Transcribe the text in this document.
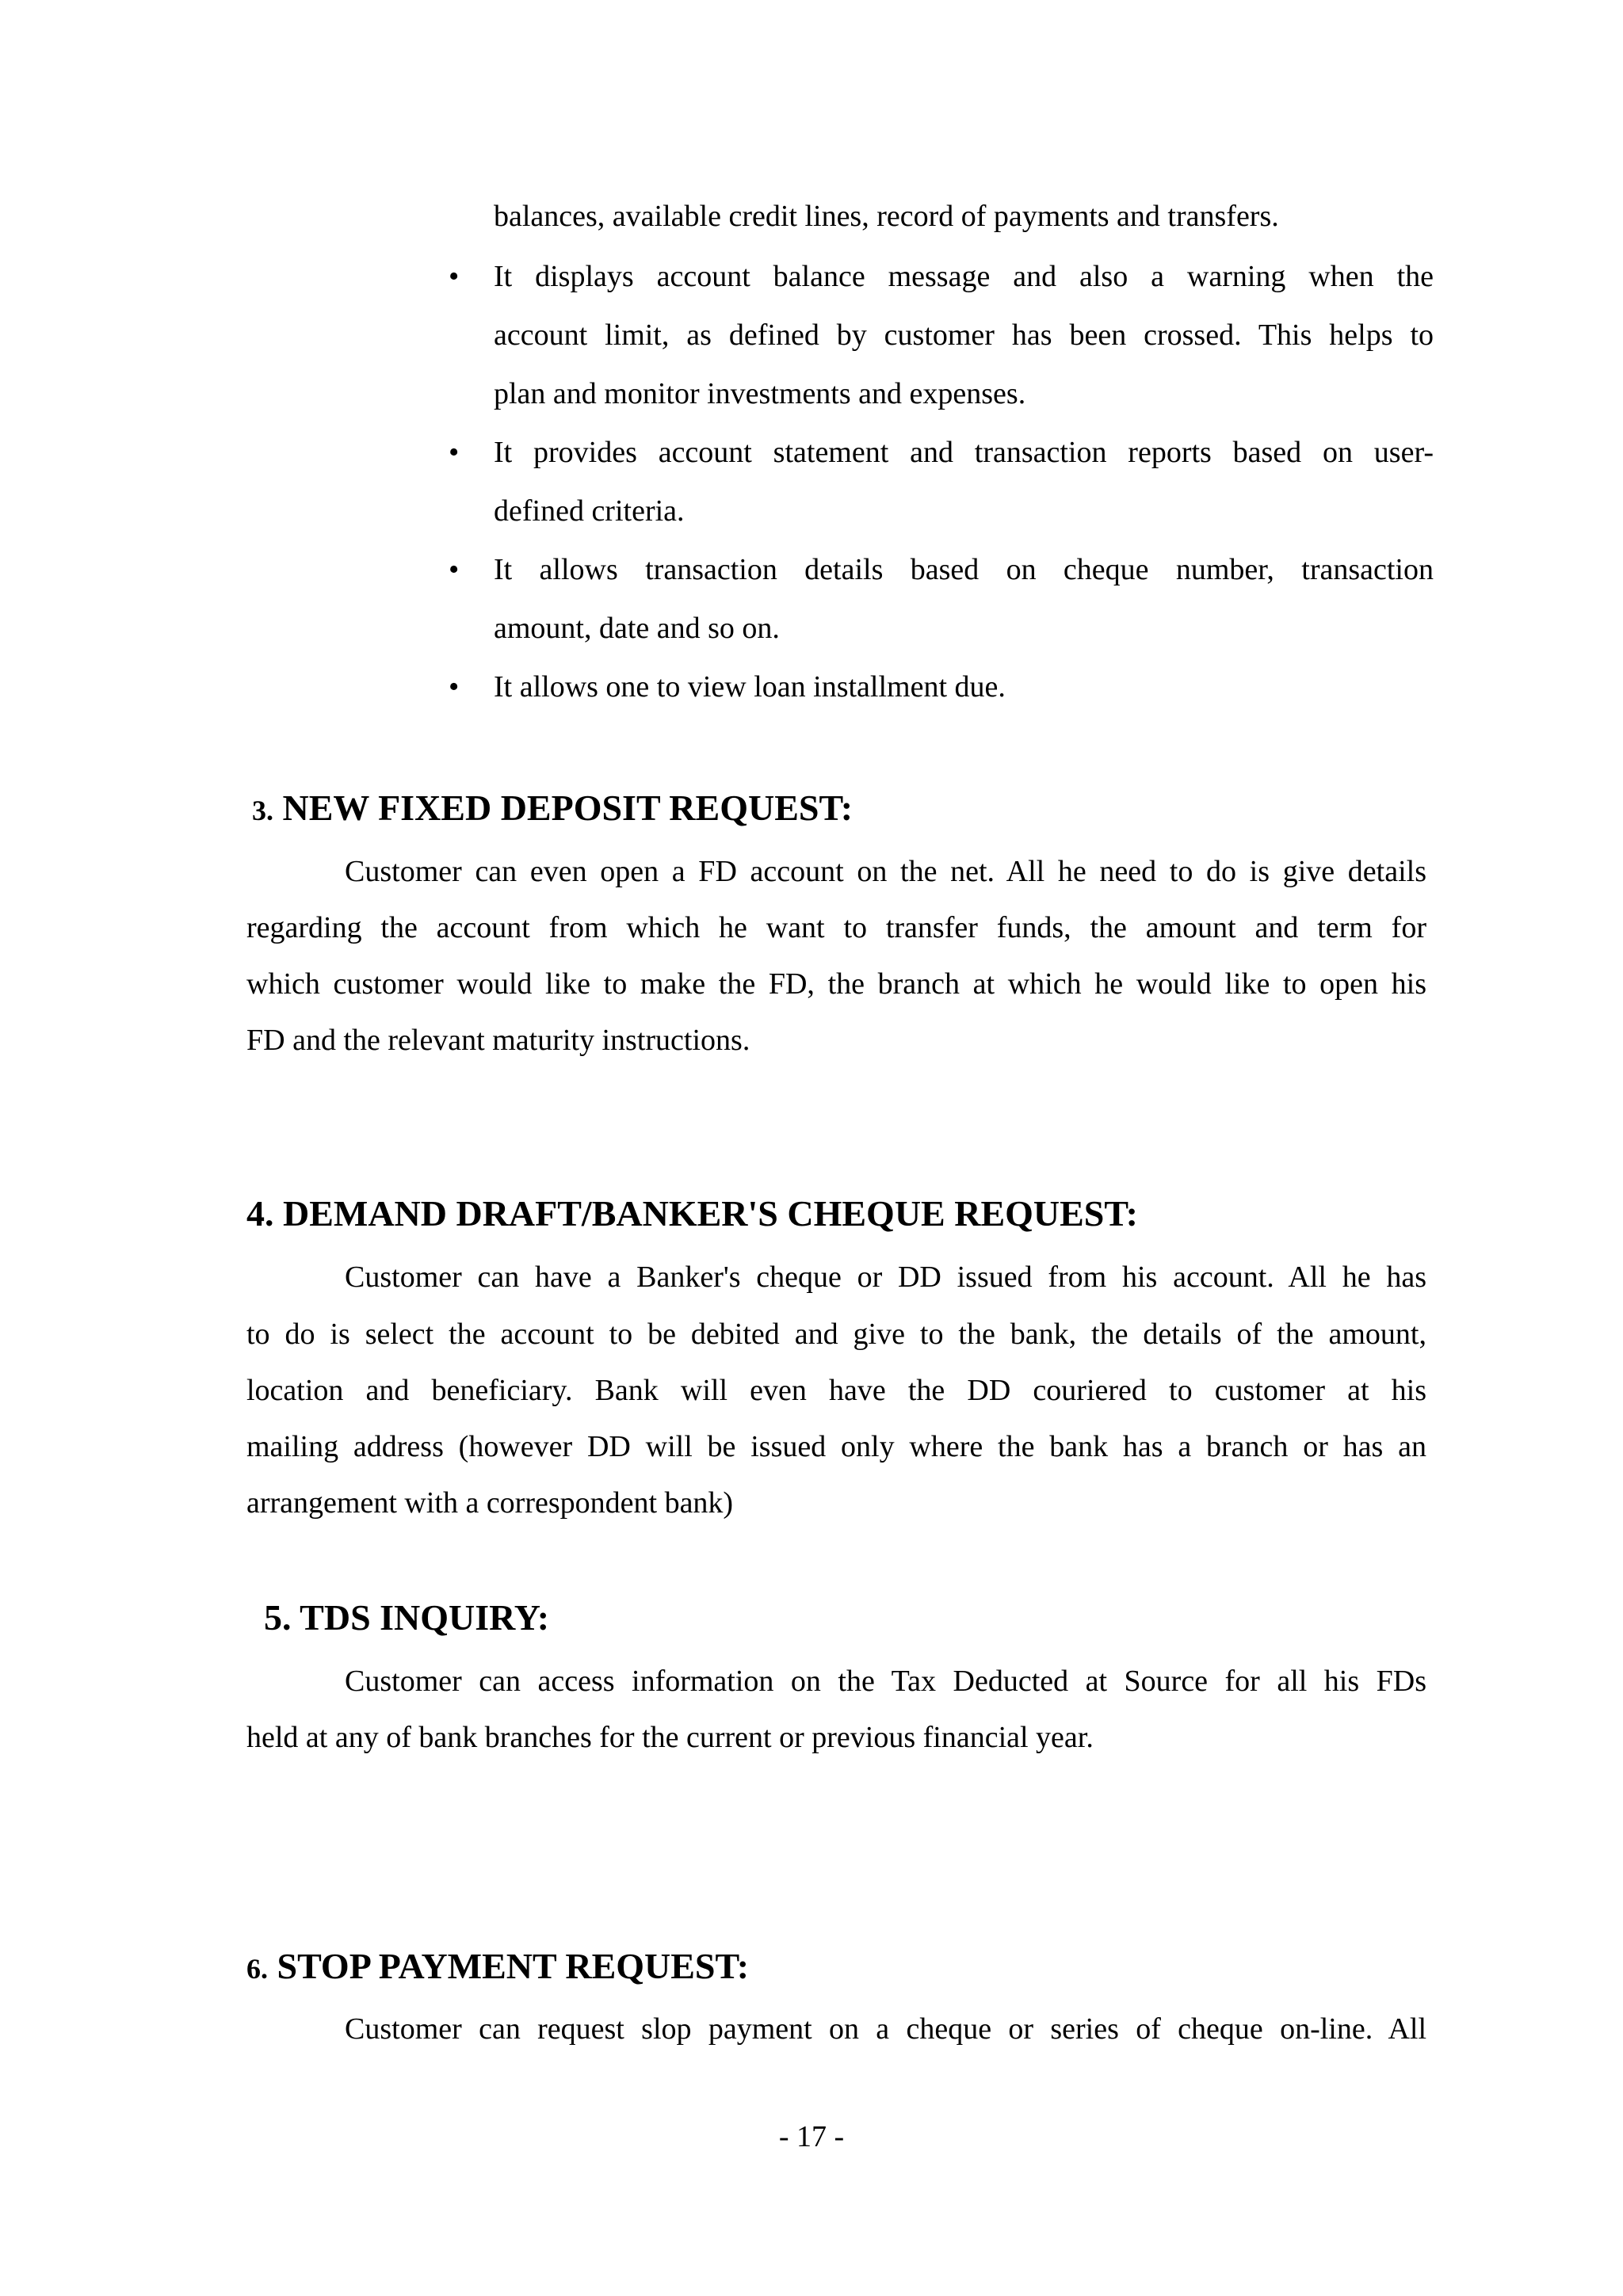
balances, available credit lines, record of payments and transfers.
• It displays account balance message and also a warning when the
account limit, as defined by customer has been crossed. This helps to
plan and monitor investments and expenses.
• It provides account statement and transaction reports based on user-
defined criteria.
• It allows transaction details based on cheque number, transaction
amount, date and so on.
• It allows one to view loan installment due.
3. NEW FIXED DEPOSIT REQUEST:
Customer can even open a FD account on the net. All he need to do is give details
regarding the account from which he want to transfer funds, the amount and term for
which customer would like to make the FD, the branch at which he would like to open his
FD and the relevant maturity instructions.
4. DEMAND DRAFT/BANKER'S CHEQUE REQUEST:
Customer can have a Banker's cheque or DD issued from his account. All he has
to do is select the account to be debited and give to the bank, the details of the amount,
location and beneficiary. Bank will even have the DD couriered to customer at his
mailing address (however DD will be issued only where the bank has a branch or has an
arrangement with a correspondent bank)
5. TDS INQUIRY:
Customer can access information on the Tax Deducted at Source for all his FDs
held at any of bank branches for the current or previous financial year.
6. STOP PAYMENT REQUEST:
Customer can request slop payment on a cheque or series of cheque on-line. All
- 17 -
